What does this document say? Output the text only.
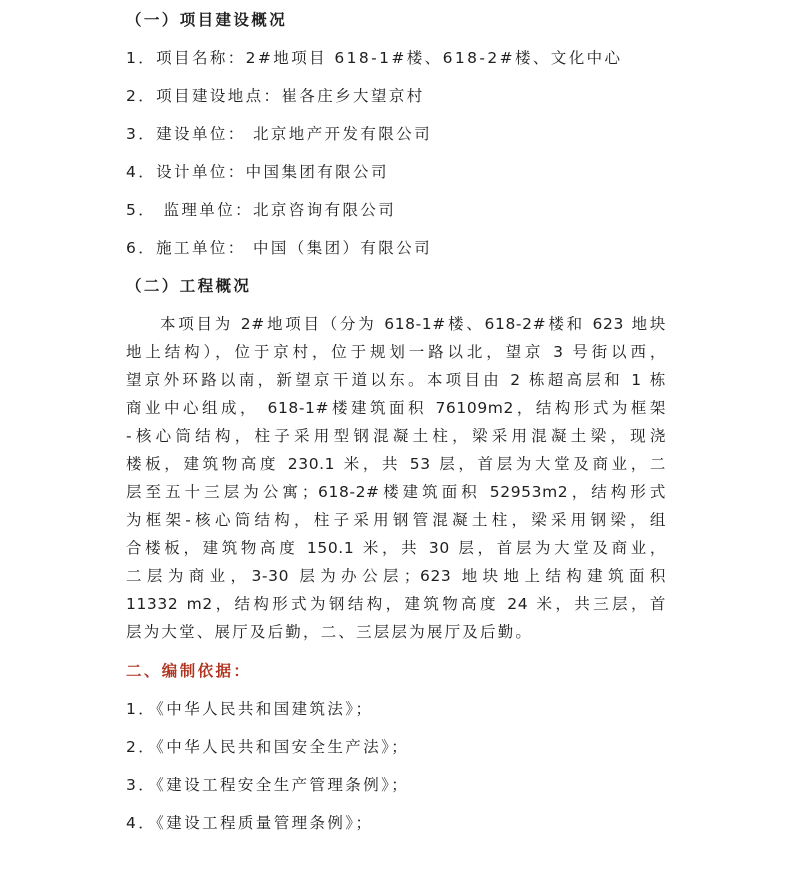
（一）项目建设概况
1．项目名称：2#地项目 618-1#楼、618-2#楼、文化中心
2．项目建设地点：崔各庄乡大望京村
3．建设单位： 北京地产开发有限公司
4．设计单位：中国集团有限公司
5． 监理单位：北京咨询有限公司
6．施工单位： 中国（集团）有限公司
（二）工程概况
本项目为 2#地项目（分为 618-1#楼、618-2#楼和 623 地块
地上结构），位于京村，位于规划一路以北，望京 3 号街以西，
望京外环路以南，新望京干道以东。本项目由 2 栋超高层和 1 栋
商业中心组成， 618-1#楼建筑面积 76109m2，结构形式为框架
-核心筒结构，柱子采用型钢混凝土柱，梁采用混凝土梁，现浇
楼板，建筑物高度 230.1 米，共 53 层，首层为大堂及商业，二
层至五十三层为公寓；618-2#楼建筑面积 52953m2，结构形式
为框架-核心筒结构，柱子采用钢管混凝土柱，梁采用钢梁，组
合楼板，建筑物高度 150.1 米，共 30 层，首层为大堂及商业，
二层为商业，3-30 层为办公层；623 地块地上结构建筑面积
11332 m2，结构形式为钢结构，建筑物高度 24 米，共三层，首
层为大堂、展厅及后勤，二、三层层为展厅及后勤。
二、编制依据：
1．《中华人民共和国建筑法》；
2．《中华人民共和国安全生产法》；
3．《建设工程安全生产管理条例》；
4．《建设工程质量管理条例》；
